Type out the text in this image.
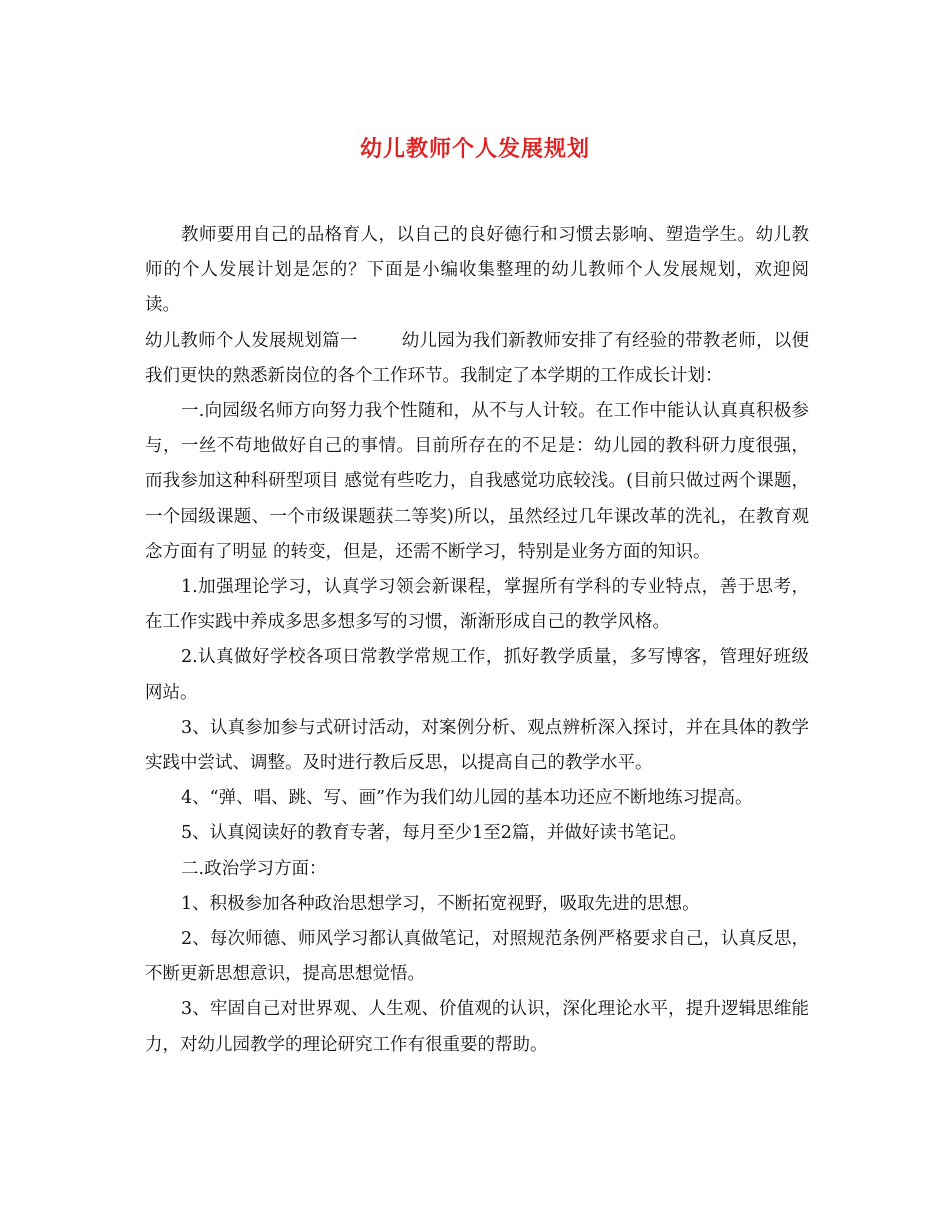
幼儿教师个人发展规划

教师要用自己的品格育人，以自己的良好德行和习惯去影响、塑造学生。幼儿教师的个人发展计划是怎的？下面是小编收集整理的幼儿教师个人发展规划，欢迎阅读。

幼儿教师个人发展规划篇一	幼儿园为我们新教师安排了有经验的带教老师，以便我们更快的熟悉新岗位的各个工作环节。我制定了本学期的工作成长计划：

一.向园级名师方向努力我个性随和，从不与人计较。在工作中能认认真真积极参与，一丝不苟地做好自己的事情。目前所存在的不足是：幼儿园的教科研力度很强，而我参加这种科研型项目 感觉有些吃力，自我感觉功底较浅。(目前只做过两个课题，一个园级课题、一个市级课题获二等奖)所以，虽然经过几年课改革的洗礼，在教育观念方面有了明显 的转变，但是，还需不断学习，特别是业务方面的知识。

1.加强理论学习，认真学习领会新课程，掌握所有学科的专业特点，善于思考，在工作实践中养成多思多想多写的习惯，渐渐形成自己的教学风格。

2.认真做好学校各项日常教学常规工作，抓好教学质量，多写博客，管理好班级网站。

3、认真参加参与式研讨活动，对案例分析、观点辨析深入探讨，并在具体的教学实践中尝试、调整。及时进行教后反思，以提高自己的教学水平。

4、“弹、唱、跳、写、画”作为我们幼儿园的基本功还应不断地练习提高。

5、认真阅读好的教育专著，每月至少1至2篇，并做好读书笔记。

二.政治学习方面：

1、积极参加各种政治思想学习，不断拓宽视野，吸取先进的思想。

2、每次师德、师风学习都认真做笔记，对照规范条例严格要求自己，认真反思，不断更新思想意识，提高思想觉悟。

3、牢固自己对世界观、人生观、价值观的认识，深化理论水平，提升逻辑思维能力，对幼儿园教学的理论研究工作有很重要的帮助。
